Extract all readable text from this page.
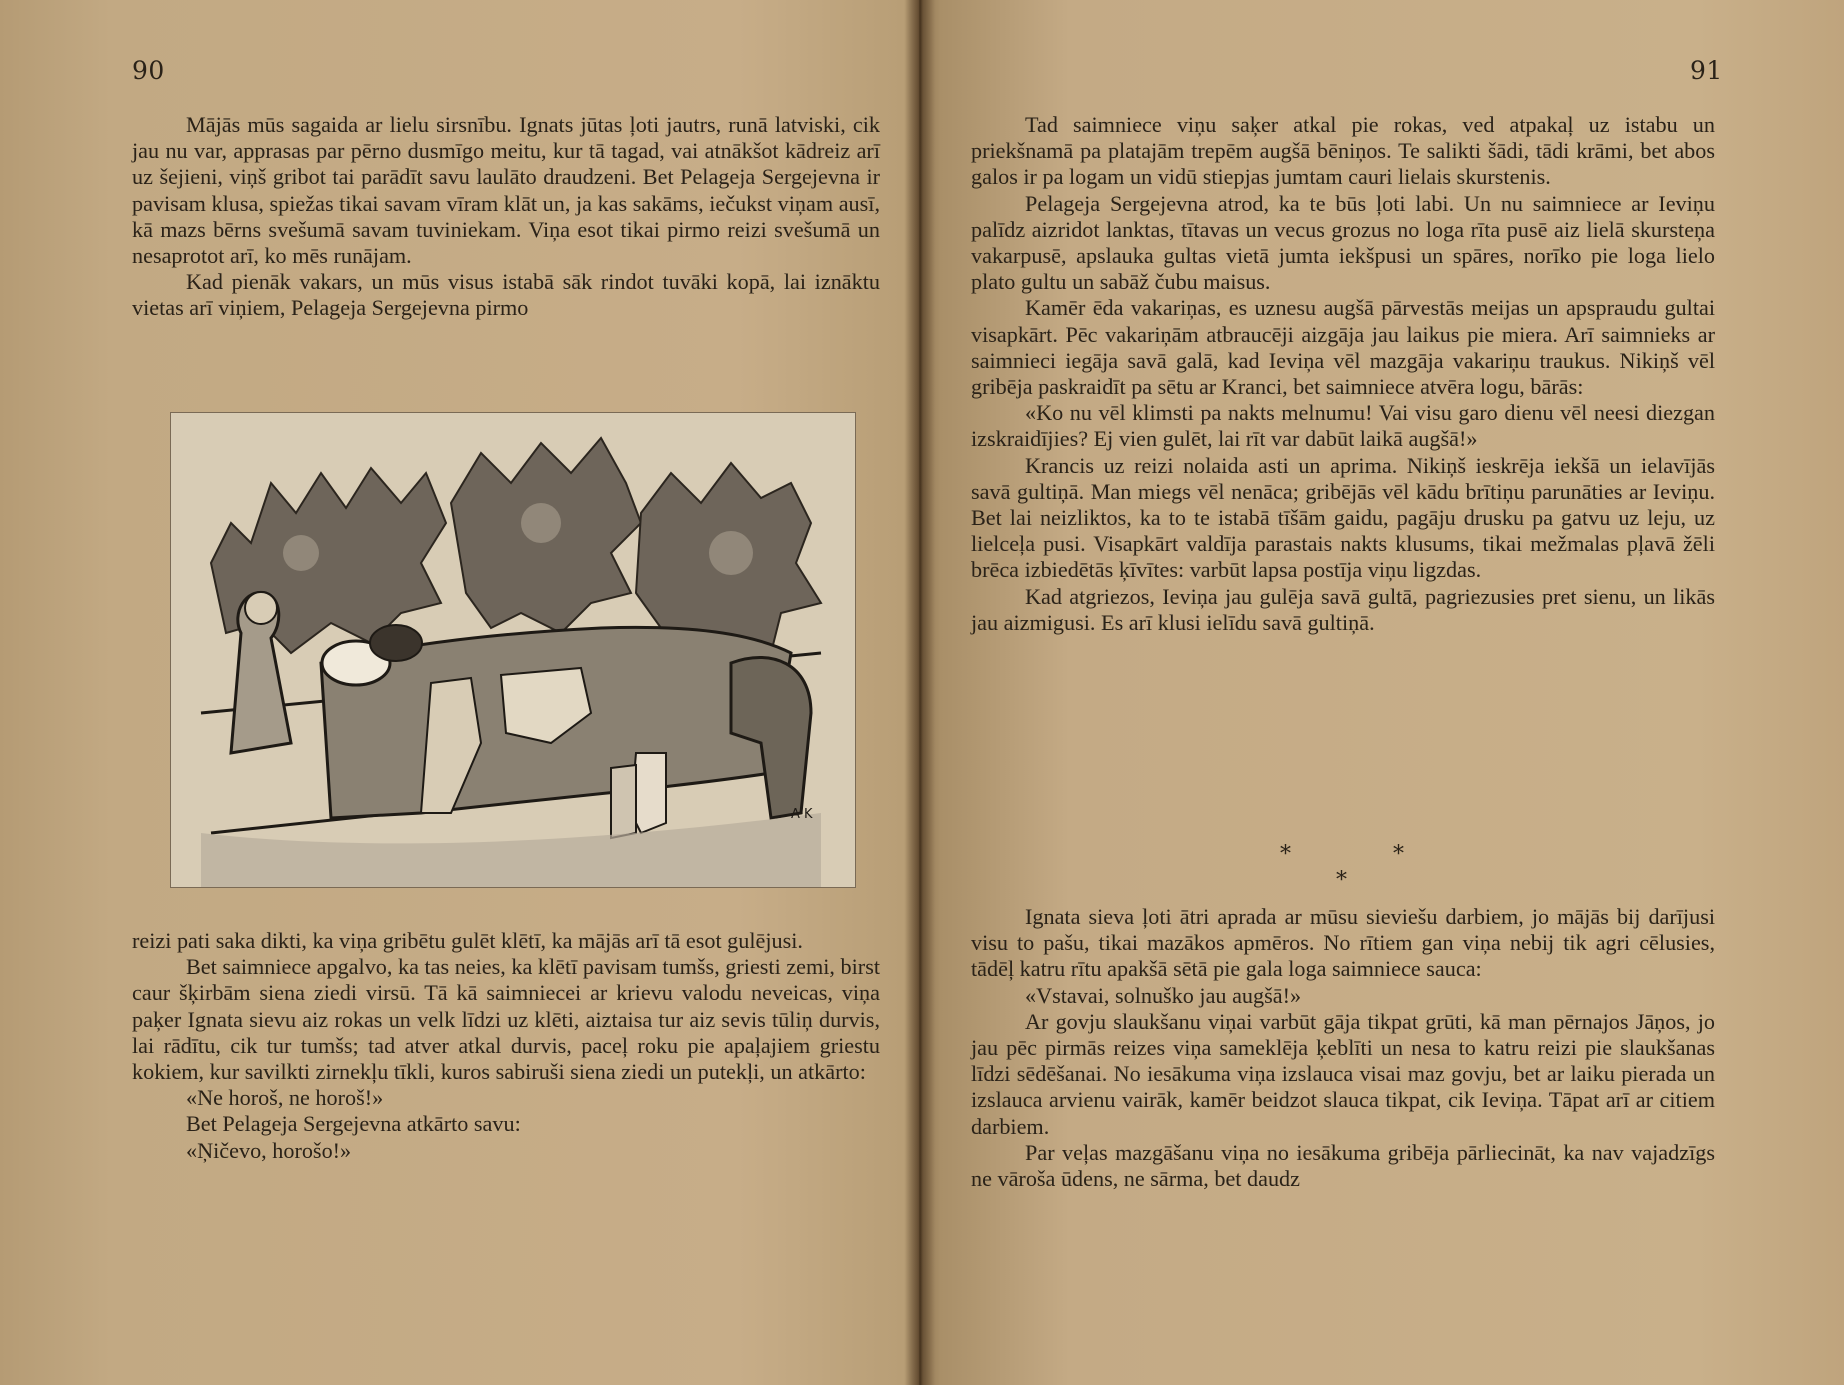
90

Mājās mūs sagaida ar lielu sirsnību. Ignats jūtas ļoti jautrs, runā latviski, cik jau nu var, apprasas par pērno dusmīgo meitu, kur tā tagad, vai atnākšot kādreiz arī uz šejieni, viņš gribot tai parādīt savu laulāto draudzeni. Bet Pelageja Sergejevna ir pavisam klusa, spiežas tikai savam vīram klāt un, ja kas sakāms, iečukst viņam ausī, kā mazs bērns svešumā savam tuviniekam. Viņa esot tikai pirmo reizi svešumā un nesaprotot arī, ko mēs runājam.

Kad pienāk vakars, un mūs visus istabā sāk rindot tuvāki kopā, lai iznāktu vietas arī viņiem, Pelageja Sergejevna pirmo

A·K

reizi pati saka dikti, ka viņa gribētu gulēt klētī, ka mājās arī tā esot gulējusi.

Bet saimniece apgalvo, ka tas neies, ka klētī pavisam tumšs, griesti zemi, birst caur šķirbām siena ziedi virsū. Tā kā saimniecei ar krievu valodu neveicas, viņa paķer Ignata sievu aiz rokas un velk līdzi uz klēti, aiztaisa tur aiz sevis tūliņ durvis, lai rādītu, cik tur tumšs; tad atver atkal durvis, paceļ roku pie apaļajiem griestu kokiem, kur savilkti zirnekļu tīkli, kuros sabiruši siena ziedi un putekļi, un atkārto:

«Ne horoš, ne horoš!»

Bet Pelageja Sergejevna atkārto savu:

«Ņičevo, horošo!»

91

Tad saimniece viņu saķer atkal pie rokas, ved atpakaļ uz istabu un priekšnamā pa platajām trepēm augšā bēniņos. Te salikti šādi, tādi krāmi, bet abos galos ir pa logam un vidū stiepjas jumtam cauri lielais skurstenis.

Pelageja Sergejevna atrod, ka te būs ļoti labi. Un nu saimniece ar Ieviņu palīdz aizridot lanktas, tītavas un vecus grozus no loga rīta pusē aiz lielā skursteņa vakarpusē, apslauka gultas vietā jumta iekšpusi un spāres, norīko pie loga lielo plato gultu un sabāž čubu maisus.

Kamēr ēda vakariņas, es uznesu augšā pārvestās meijas un apspraudu gultai visapkārt. Pēc vakariņām atbraucēji aizgāja jau laikus pie miera. Arī saimnieks ar saimnieci iegāja savā galā, kad Ieviņa vēl mazgāja vakariņu traukus. Nikiņš vēl gribēja paskraidīt pa sētu ar Kranci, bet saimniece atvēra logu, bārās:

«Ko nu vēl klimsti pa nakts melnumu! Vai visu garo dienu vēl neesi diezgan izskraidījies? Ej vien gulēt, lai rīt var dabūt laikā augšā!»

Krancis uz reizi nolaida asti un aprima. Nikiņš ieskrēja iekšā un ielavījās savā gultiņā. Man miegs vēl nenāca; gribējās vēl kādu brītiņu parunāties ar Ieviņu. Bet lai neizliktos, ka to te istabā tīšām gaidu, pagāju drusku pa gatvu uz leju, uz lielceļa pusi. Visapkārt valdīja parastais nakts klusums, tikai mežmalas pļavā žēli brēca izbiedētās ķīvītes: varbūt lapsa postīja viņu ligzdas.

Kad atgriezos, Ieviņa jau gulēja savā gultā, pagriezusies pret sienu, un likās jau aizmigusi. Es arī klusi ielīdu savā gultiņā.

*	*
*

Ignata sieva ļoti ātri aprada ar mūsu sieviešu darbiem, jo mājās bij darījusi visu to pašu, tikai mazākos apmēros. No rītiem gan viņa nebij tik agri cēlusies, tādēļ katru rītu apakšā sētā pie gala loga saimniece sauca:

«Vstavai, solnuško jau augšā!»

Ar govju slaukšanu viņai varbūt gāja tikpat grūti, kā man pērnajos Jāņos, jo jau pēc pirmās reizes viņa sameklēja ķeblīti un nesa to katru reizi pie slaukšanas līdzi sēdēšanai. No iesākuma viņa izslauca visai maz govju, bet ar laiku pierada un izslauca arvienu vairāk, kamēr beidzot slauca tikpat, cik Ieviņa. Tāpat arī ar citiem darbiem.

Par veļas mazgāšanu viņa no iesākuma gribēja pārliecināt, ka nav vajadzīgs ne vāroša ūdens, ne sārma, bet daudz
